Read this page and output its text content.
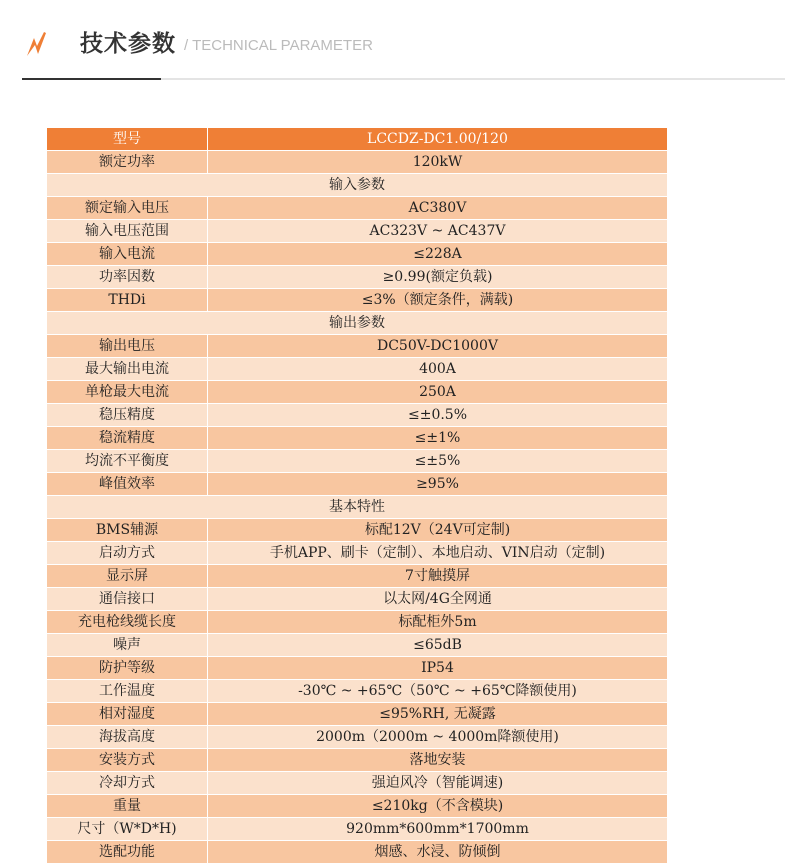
技术参数 / TECHNICAL PARAMETER
型号	LCCDZ-DC1.00/120
额定功率	120kW
输入参数	
额定输入电压	AC380V
输入电压范围	AC323V ~ AC437V
输入电流	≤228A
功率因数	≥0.99(额定负载)
THDi	≤3%（额定条件，满载)
输出参数	
输出电压	DC50V-DC1000V
最大输出电流	400A
单枪最大电流	250A
稳压精度	≤±0.5%
稳流精度	≤±1%
均流不平衡度	≤±5%
峰值效率	≥95%
基本特性	
BMS辅源	标配12V（24V可定制)
启动方式	手机APP、刷卡（定制）、本地启动、VIN启动（定制)
显示屏	7寸触摸屏
通信接口	以太网/4G全网通
充电枪线缆长度	标配柜外5m
噪声	≤65dB
防护等级	IP54
工作温度	-30℃ ~ +65℃（50℃ ~ +65℃降额使用)
相对湿度	≤95%RH, 无凝露
海拔高度	2000m（2000m ~ 4000m降额使用)
安装方式	落地安装
冷却方式	强迫风冷（智能调速)
重量	≤210kg（不含模块)
尺寸（W*D*H)	920mm*600mm*1700mm
选配功能	烟感、水浸、防倾倒
